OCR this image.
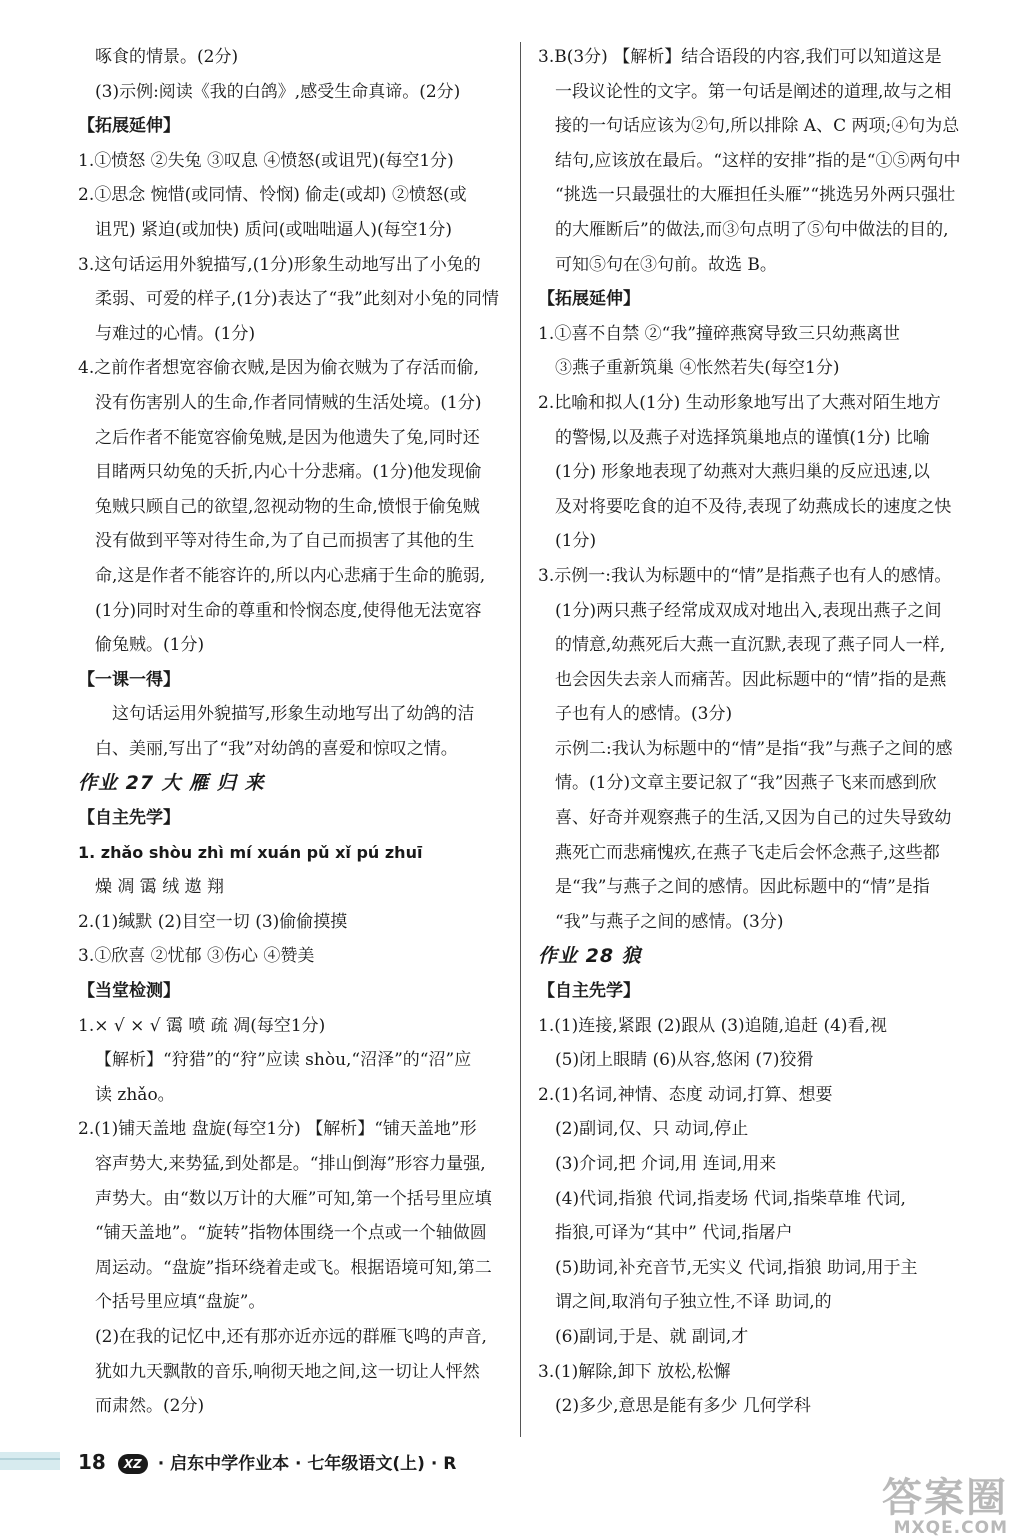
啄食的情景。(2分)
(3)示例:阅读《我的白鸽》,感受生命真谛。(2分)
【拓展延伸】
1.①愤怒 ②失兔 ③叹息 ④愤怒(或诅咒)(每空1分)
2.①思念 惋惜(或同情、怜悯) 偷走(或却) ②愤怒(或
诅咒) 紧迫(或加快) 质问(或咄咄逼人)(每空1分)
3.这句话运用外貌描写,(1分)形象生动地写出了小兔的
柔弱、可爱的样子,(1分)表达了“我”此刻对小兔的同情
与难过的心情。(1分)
4.之前作者想宽容偷衣贼,是因为偷衣贼为了存活而偷,
没有伤害别人的生命,作者同情贼的生活处境。(1分)
之后作者不能宽容偷兔贼,是因为他遗失了兔,同时还
目睹两只幼兔的夭折,内心十分悲痛。(1分)他发现偷
兔贼只顾自己的欲望,忽视动物的生命,愤恨于偷兔贼
没有做到平等对待生命,为了自己而损害了其他的生
命,这是作者不能容许的,所以内心悲痛于生命的脆弱,
(1分)同时对生命的尊重和怜悯态度,使得他无法宽容
偷兔贼。(1分)
【一课一得】
这句话运用外貌描写,形象生动地写出了幼鸽的洁
白、美丽,写出了“我”对幼鸽的喜爱和惊叹之情。
作业 27 大 雁 归 来
【自主先学】
1. zhǎo shòu zhì mí xuán pǔ xǐ pú zhuī
燥 凋 霭 绒 遨 翔
2.(1)缄默 (2)目空一切 (3)偷偷摸摸
3.①欣喜 ②忧郁 ③伤心 ④赞美
【当堂检测】
1.× √ × √ 霭 喷 疏 凋(每空1分)
【解析】“狩猎”的“狩”应读 shòu,“沼泽”的“沼”应
读 zhǎo。
2.(1)铺天盖地 盘旋(每空1分) 【解析】“铺天盖地”形
容声势大,来势猛,到处都是。“排山倒海”形容力量强,
声势大。由“数以万计的大雁”可知,第一个括号里应填
“铺天盖地”。“旋转”指物体围绕一个点或一个轴做圆
周运动。“盘旋”指环绕着走或飞。根据语境可知,第二
个括号里应填“盘旋”。
(2)在我的记忆中,还有那亦近亦远的群雁飞鸣的声音,
犹如九天飘散的音乐,响彻天地之间,这一切让人怦然
而肃然。(2分)
3.B(3分) 【解析】结合语段的内容,我们可以知道这是
一段议论性的文字。第一句话是阐述的道理,故与之相
接的一句话应该为②句,所以排除 A、C 两项;④句为总
结句,应该放在最后。“这样的安排”指的是“①⑤两句中
“挑选一只最强壮的大雁担任头雁”“挑选另外两只强壮
的大雁断后”的做法,而③句点明了⑤句中做法的目的,
可知⑤句在③句前。故选 B。
【拓展延伸】
1.①喜不自禁 ②“我”撞碎燕窝导致三只幼燕离世
③燕子重新筑巢 ④怅然若失(每空1分)
2.比喻和拟人(1分) 生动形象地写出了大燕对陌生地方
的警惕,以及燕子对选择筑巢地点的谨慎(1分) 比喻
(1分) 形象地表现了幼燕对大燕归巢的反应迅速,以
及对将要吃食的迫不及待,表现了幼燕成长的速度之快
(1分)
3.示例一:我认为标题中的“情”是指燕子也有人的感情。
(1分)两只燕子经常成双成对地出入,表现出燕子之间
的情意,幼燕死后大燕一直沉默,表现了燕子同人一样,
也会因失去亲人而痛苦。因此标题中的“情”指的是燕
子也有人的感情。(3分)
示例二:我认为标题中的“情”是指“我”与燕子之间的感
情。(1分)文章主要记叙了“我”因燕子飞来而感到欣
喜、好奇并观察燕子的生活,又因为自己的过失导致幼
燕死亡而悲痛愧疚,在燕子飞走后会怀念燕子,这些都
是“我”与燕子之间的感情。因此标题中的“情”是指
“我”与燕子之间的感情。(3分)
作业 28 狼
【自主先学】
1.(1)连接,紧跟 (2)跟从 (3)追随,追赶 (4)看,视
(5)闭上眼睛 (6)从容,悠闲 (7)狡猾
2.(1)名词,神情、态度 动词,打算、想要
(2)副词,仅、只 动词,停止
(3)介词,把 介词,用 连词,用来
(4)代词,指狼 代词,指麦场 代词,指柴草堆 代词,
指狼,可译为“其中” 代词,指屠户
(5)助词,补充音节,无实义 代词,指狼 助词,用于主
谓之间,取消句子独立性,不译 助词,的
(6)副词,于是、就 副词,才
3.(1)解除,卸下 放松,松懈
(2)多少,意思是能有多少 几何学科
18 XZ · 启东中学作业本 · 七年级语文(上) · R
答案圈
MXQE.COM
